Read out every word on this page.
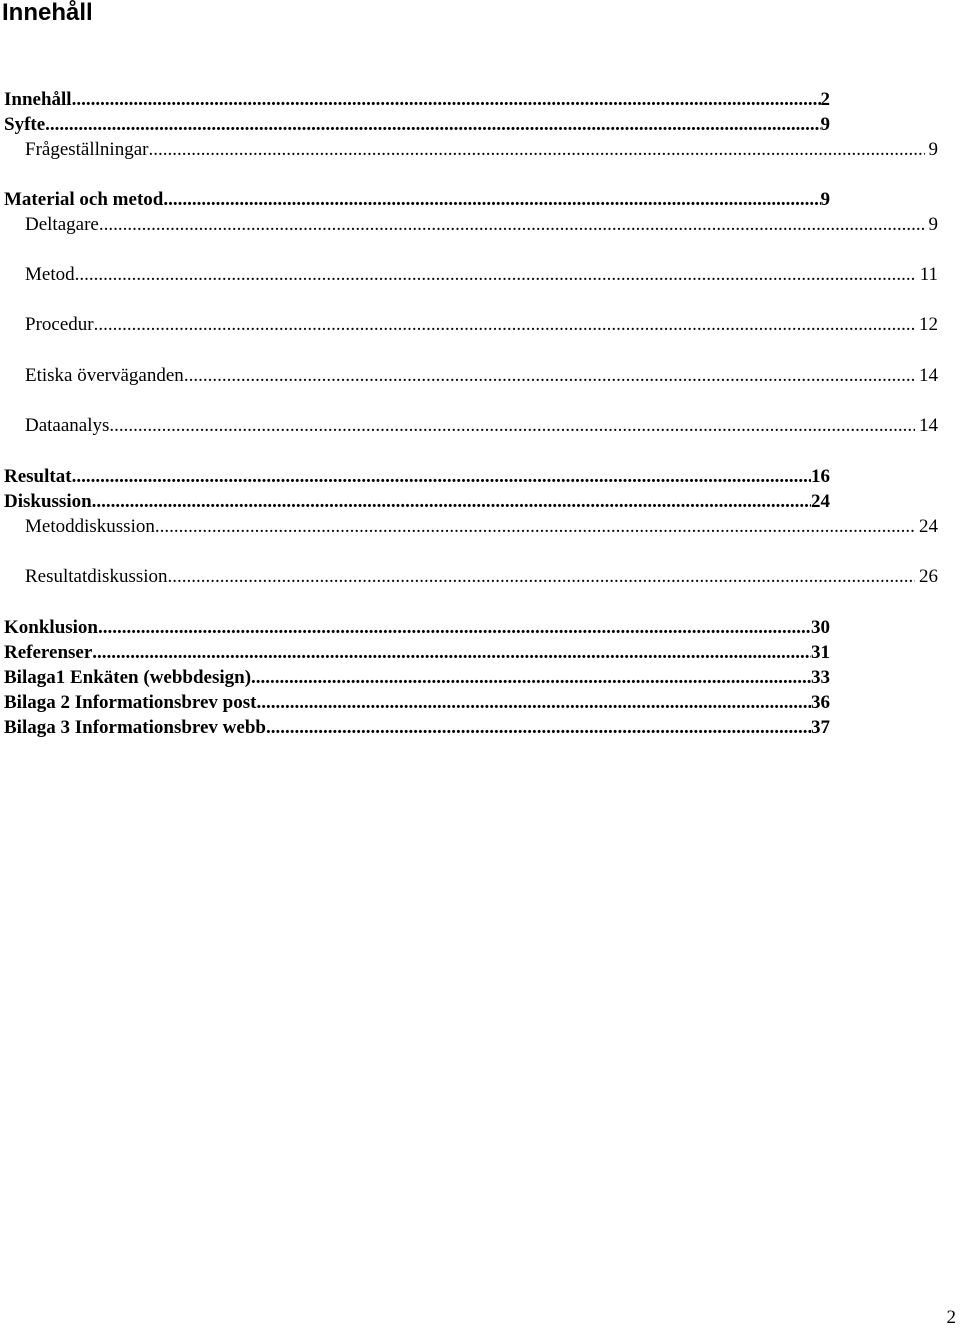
Innehåll
Innehåll .....	2
Syfte .....	9
Frågeställningar .....	9
Material och metod .....	9
Deltagare .....	9
Metod .....	11
Procedur .....	12
Etiska överväganden .....	14
Dataanalys .....	14
Resultat .....	16
Diskussion .....	24
Metoddiskussion .....	24
Resultatdiskussion .....	26
Konklusion .....	30
Referenser .....	31
Bilaga1 Enkäten (webbdesign) .....	33
Bilaga 2 Informationsbrev post .....	36
Bilaga 3 Informationsbrev webb .....	37
2
